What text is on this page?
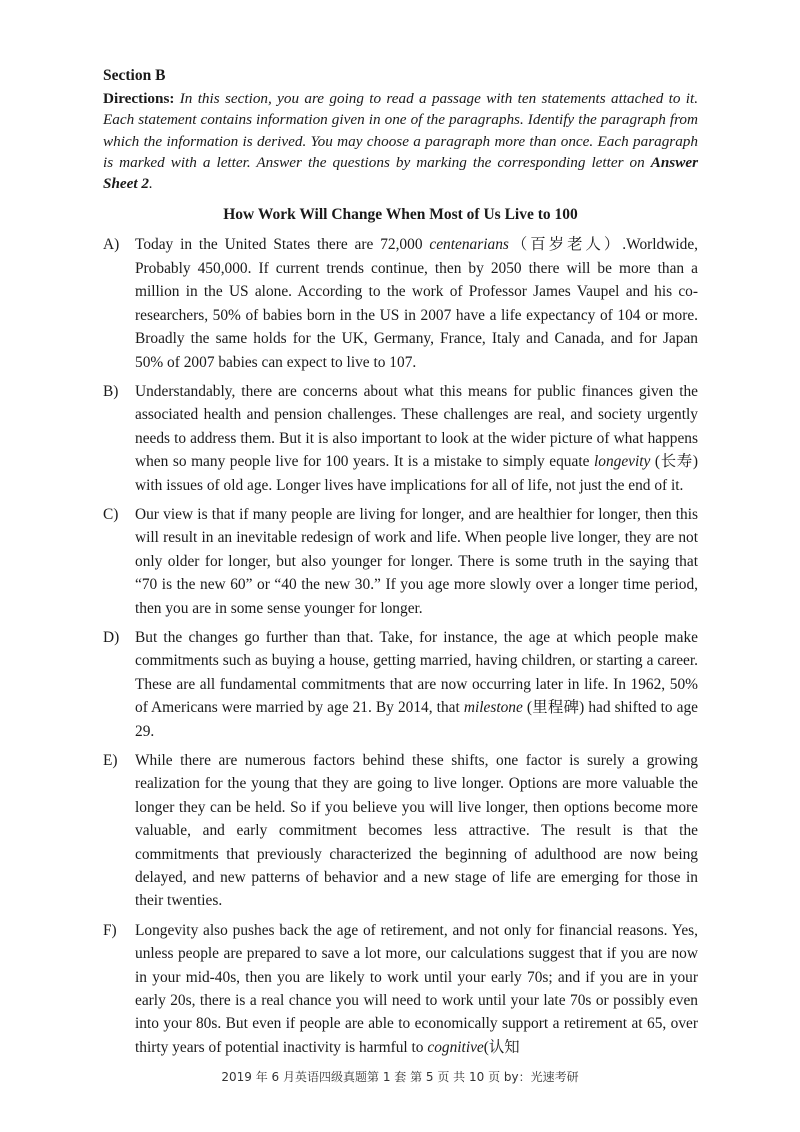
Section B

Directions: In this section, you are going to read a passage with ten statements attached to it. Each statement contains information given in one of the paragraphs. Identify the paragraph from which the information is derived. You may choose a paragraph more than once. Each paragraph is marked with a letter. Answer the questions by marking the corresponding letter on Answer Sheet 2.

How Work Will Change When Most of Us Live to 100

A) Today in the United States there are 72,000 centenarians（百岁老人）.Worldwide, Probably 450,000. If current trends continue, then by 2050 there will be more than a million in the US alone. According to the work of Professor James Vaupel and his co-researchers, 50% of babies born in the US in 2007 have a life expectancy of 104 or more. Broadly the same holds for the UK, Germany, France, Italy and Canada, and for Japan 50% of 2007 babies can expect to live to 107.

B) Understandably, there are concerns about what this means for public finances given the associated health and pension challenges. These challenges are real, and society urgently needs to address them. But it is also important to look at the wider picture of what happens when so many people live for 100 years. It is a mistake to simply equate longevity (长寿) with issues of old age. Longer lives have implications for all of life, not just the end of it.

C) Our view is that if many people are living for longer, and are healthier for longer, then this will result in an inevitable redesign of work and life. When people live longer, they are not only older for longer, but also younger for longer. There is some truth in the saying that “70 is the new 60” or “40 the new 30.” If you age more slowly over a longer time period, then you are in some sense younger for longer.

D) But the changes go further than that. Take, for instance, the age at which people make commitments such as buying a house, getting married, having children, or starting a career. These are all fundamental commitments that are now occurring later in life. In 1962, 50% of Americans were married by age 21. By 2014, that milestone (里程碑) had shifted to age 29.

E) While there are numerous factors behind these shifts, one factor is surely a growing realization for the young that they are going to live longer. Options are more valuable the longer they can be held. So if you believe you will live longer, then options become more valuable, and early commitment becomes less attractive. The result is that the commitments that previously characterized the beginning of adulthood are now being delayed, and new patterns of behavior and a new stage of life are emerging for those in their twenties.

F) Longevity also pushes back the age of retirement, and not only for financial reasons. Yes, unless people are prepared to save a lot more, our calculations suggest that if you are now in your mid-40s, then you are likely to work until your early 70s; and if you are in your early 20s, there is a real chance you will need to work until your late 70s or possibly even into your 80s. But even if people are able to economically support a retirement at 65, over thirty years of potential inactivity is harmful to cognitive(认知

2019 年 6 月英语四级真题第 1 套 第 5 页 共 10 页 by：光速考研
